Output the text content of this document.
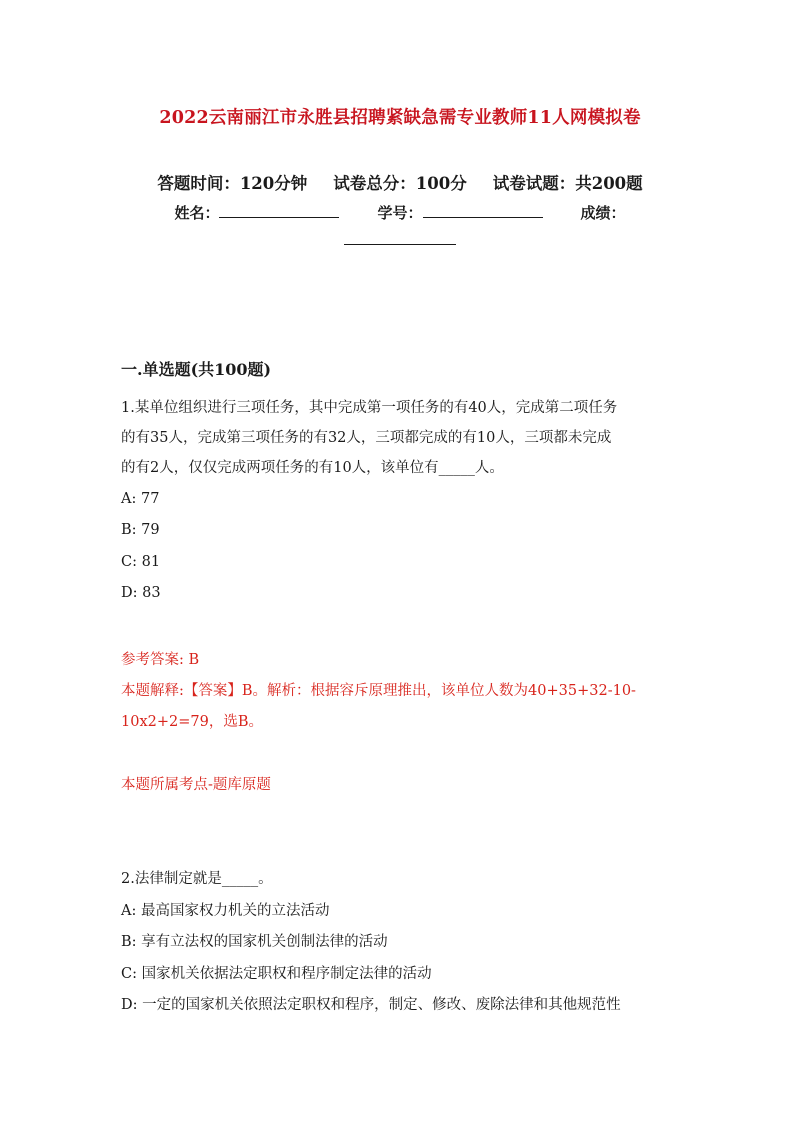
2022云南丽江市永胜县招聘紧缺急需专业教师11人网模拟卷
答题时间：120分钟 试卷总分：100分 试卷试题：共200题
姓名：	学号：	成绩：
一.单选题(共100题)
1.某单位组织进行三项任务，其中完成第一项任务的有40人，完成第二项任务
的有35人，完成第三项任务的有32人，三项都完成的有10人，三项都未完成
的有2人，仅仅完成两项任务的有10人，该单位有_____人。
A: 77
B: 79
C: 81
D: 83
参考答案: B
本题解释:【答案】B。解析：根据容斥原理推出，该单位人数为40+35+32-10-
10x2+2=79，选B。
本题所属考点-题库原题
2.法律制定就是_____。
A: 最高国家权力机关的立法活动
B: 享有立法权的国家机关创制法律的活动
C: 国家机关依据法定职权和程序制定法律的活动
D: 一定的国家机关依照法定职权和程序，制定、修改、废除法律和其他规范性
